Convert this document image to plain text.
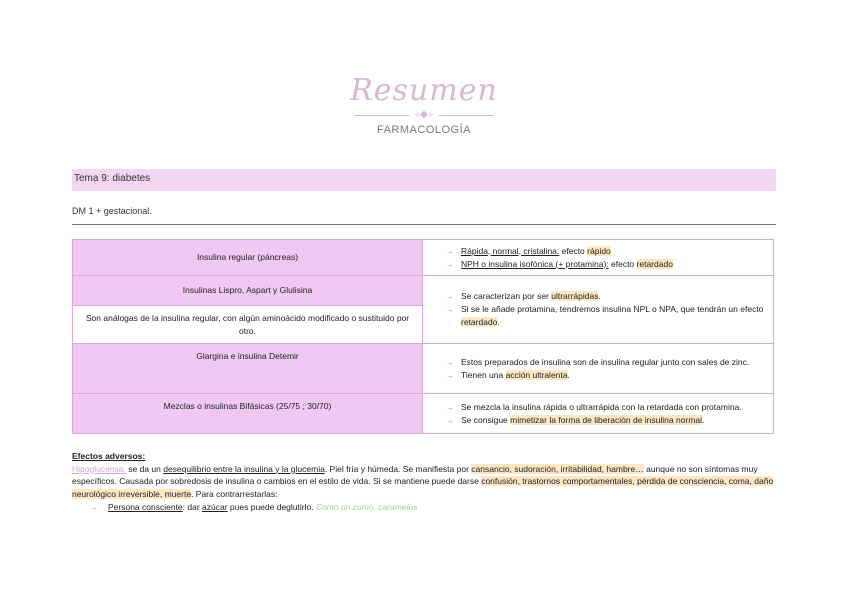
Resumen
⟡◆⟡
FARMACOLOGÍA
Tema 9: diabetes
DM 1 + gestacional.
Insulina regular (páncreas)	→ Rápida, normal, cristalina: efecto rápido
→ NPH o insulina isofónica (+ protamina): efecto retardado

Insulinas Lispro, Aspart y Glulisina	→ Se caracterizan por ser ultrarrápidas.
→ Si se le añade protamina, tendremos insulina NPL o NPA, que tendrán un efecto retardado.

Son análogas de la insulina regular, con algún aminoácido modificado o sustituido por otro.	
Glargina e insulina Detemir	→ Estos preparados de insulina son de insulina regular junto con sales de zinc.
→ Tienen una acción ultralenta.

Mezclas o insulinas Bifásicas (25/75 ; 30/70)	→ Se mezcla la insulina rápida o ultrarrápida con la retardada con protamina.
→ Se consigue mimetizar la forma de liberación de insulina normal.
Efectos adversos:
Hipoglucemia: se da un desequilibrio entre la insulina y la glucemia. Piel fría y húmeda. Se manifiesta por cansancio, sudoración, irritabilidad, hambre… aunque no son síntomas muy específicos. Causada por sobredosis de insulina o cambios en el estilo de vida. Si se mantiene puede darse confusión, trastornos comportamentales, pérdida de consciencia, coma, daño neurológico irreversible, muerte. Para contrarrestarlas:
→ Persona consciente: dar azúcar pues puede deglutirlo. Como un zumo, caramelos
